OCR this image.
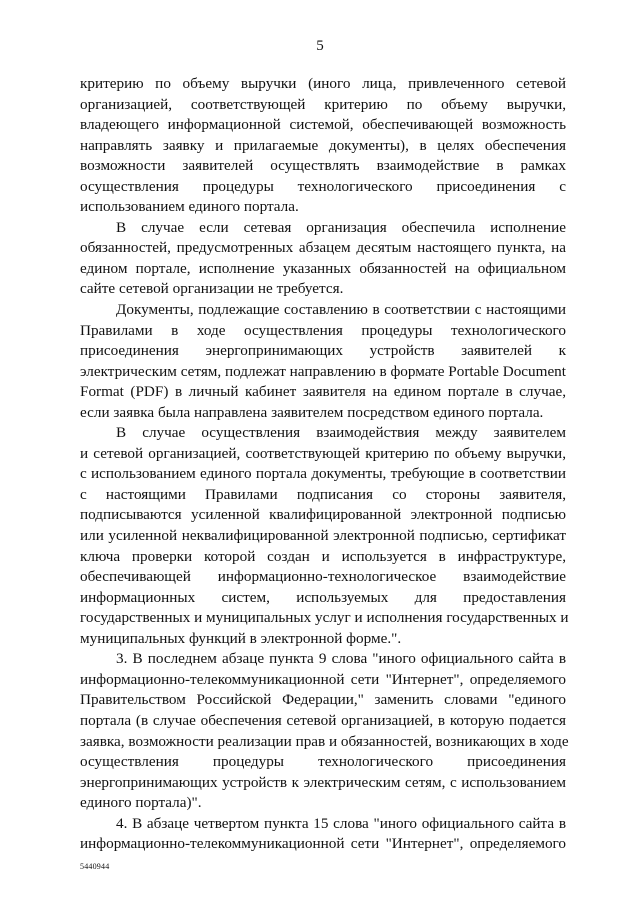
5
критерию по объему выручки (иного лица, привлеченного сетевой
организацией, соответствующей критерию по объему выручки,
владеющего информационной системой, обеспечивающей возможность
направлять заявку и прилагаемые документы), в целях обеспечения
возможности заявителей осуществлять взаимодействие в рамках
осуществления процедуры технологического присоединения с
использованием единого портала.
В случае если сетевая организация обеспечила исполнение
обязанностей, предусмотренных абзацем десятым настоящего пункта, на
едином портале, исполнение указанных обязанностей на официальном
сайте сетевой организации не требуется.
Документы, подлежащие составлению в соответствии с настоящими
Правилами в ходе осуществления процедуры технологического
присоединения энергопринимающих устройств заявителей к
электрическим сетям, подлежат направлению в формате Portable Document
Format (PDF) в личный кабинет заявителя на едином портале в случае,
если заявка была направлена заявителем посредством единого портала.
В случае осуществления взаимодействия между заявителем
и сетевой организацией, соответствующей критерию по объему выручки,
с использованием единого портала документы, требующие в соответствии
с настоящими Правилами подписания со стороны заявителя,
подписываются усиленной квалифицированной электронной подписью
или усиленной неквалифицированной электронной подписью, сертификат
ключа проверки которой создан и используется в инфраструктуре,
обеспечивающей информационно-технологическое взаимодействие
информационных систем, используемых для предоставления
государственных и муниципальных услуг и исполнения государственных и
муниципальных функций в электронной форме.".
3. В последнем абзаце пункта 9 слова "иного официального сайта в
информационно-телекоммуникационной сети "Интернет", определяемого
Правительством Российской Федерации," заменить словами "единого
портала (в случае обеспечения сетевой организацией, в которую подается
заявка, возможности реализации прав и обязанностей, возникающих в ходе
осуществления процедуры технологического присоединения
энергопринимающих устройств к электрическим сетям, с использованием
единого портала)".
4. В абзаце четвертом пункта 15 слова "иного официального сайта в
информационно-телекоммуникационной сети "Интернет", определяемого
5440944
